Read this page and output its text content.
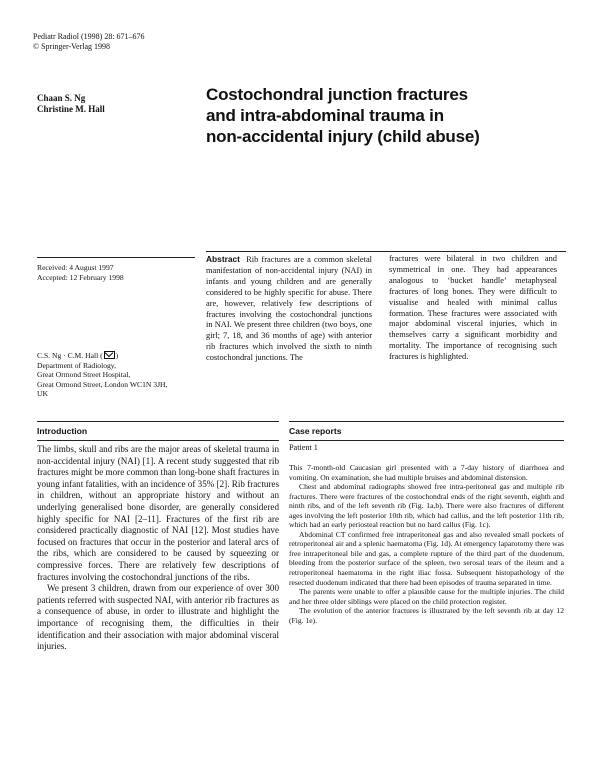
Pediatr Radiol (1998) 28: 671–676
© Springer-Verlag 1998
Chaan S. Ng
Christine M. Hall
Costochondral junction fractures
and intra-abdominal trauma in
non-accidental injury (child abuse)
Received: 4 August 1997
Accepted: 12 February 1998
C.S. Ng · C.M. Hall ( )
Department of Radiology,
Great Ormond Street Hospital,
Great Ormond Street, London WC1N 3JH,
UK
Abstract Rib fractures are a common skeletal manifestation of non-accidental injury (NAI) in infants and young children and are generally considered to be highly specific for abuse. There are, however, relatively few descriptions of fractures involving the costochondral junctions in NAI. We present three children (two boys, one girl; 7, 18, and 36 months of age) with anterior rib fractures which involved the sixth to ninth costochondral junctions. The
fractures were bilateral in two children and symmetrical in one. They had appearances analogous to ‘bucket handle’ metaphyseal fractures of long bones. They were difficult to visualise and healed with minimal callus formation. These fractures were associated with major abdominal visceral injuries, which in themselves carry a significant morbidity and mortality. The importance of recognising such fractures is highlighted.
Introduction

The limbs, skull and ribs are the major areas of skeletal trauma in non-accidental injury (NAI) [1]. A recent study suggested that rib fractures might be more common than long-bone shaft fractures in young infant fatalities, with an incidence of 35% [2]. Rib fractures in children, without an appropriate history and without an underlying generalised bone disorder, are generally considered highly specific for NAI [2–11]. Fractures of the first rib are considered practically diagnostic of NAI [12]. Most studies have focused on fractures that occur in the posterior and lateral arcs of the ribs, which are considered to be caused by squeezing or compressive forces. There are relatively few descriptions of fractures involving the costochondral junctions of the ribs.

We present 3 children, drawn from our experience of over 300 patients referred with suspected NAI, with anterior rib fractures as a consequence of abuse, in order to illustrate and highlight the importance of recognising them, the difficulties in their identification and their association with major abdominal visceral injuries.

Case reports
Patient 1

This 7-month-old Caucasian girl presented with a 7-day history of diarrhoea and vomiting. On examination, she had multiple bruises and abdominal distension.

Chest and abdominal radiographs showed free intra-peritoneal gas and multiple rib fractures. There were fractures of the costochondral ends of the right seventh, eighth and ninth ribs, and of the left seventh rib (Fig. 1a,b). There were also fractures of different ages involving the left posterior 10th rib, which had callus, and the left posterior 11th rib, which had an early periosteal reaction but no hard callus (Fig. 1c).

Abdominal CT confirmed free intraperitoneal gas and also revealed small pockets of retroperitoneal air and a splenic haematoma (Fig. 1d). At emergency laparotomy there was free intraperitoneal bile and gas, a complete rupture of the third part of the duodenum, bleeding from the posterior surface of the spleen, two serosal tears of the ileum and a retroperitoneal haematoma in the right iliac fossa. Subsequent histopathology of the resected duodenum indicated that there had been episodes of trauma separated in time.

The parents were unable to offer a plausible cause for the multiple injuries. The child and her three older siblings were placed on the child protection register.

The evolution of the anterior fractures is illustrated by the left seventh rib at day 12 (Fig. 1e).
